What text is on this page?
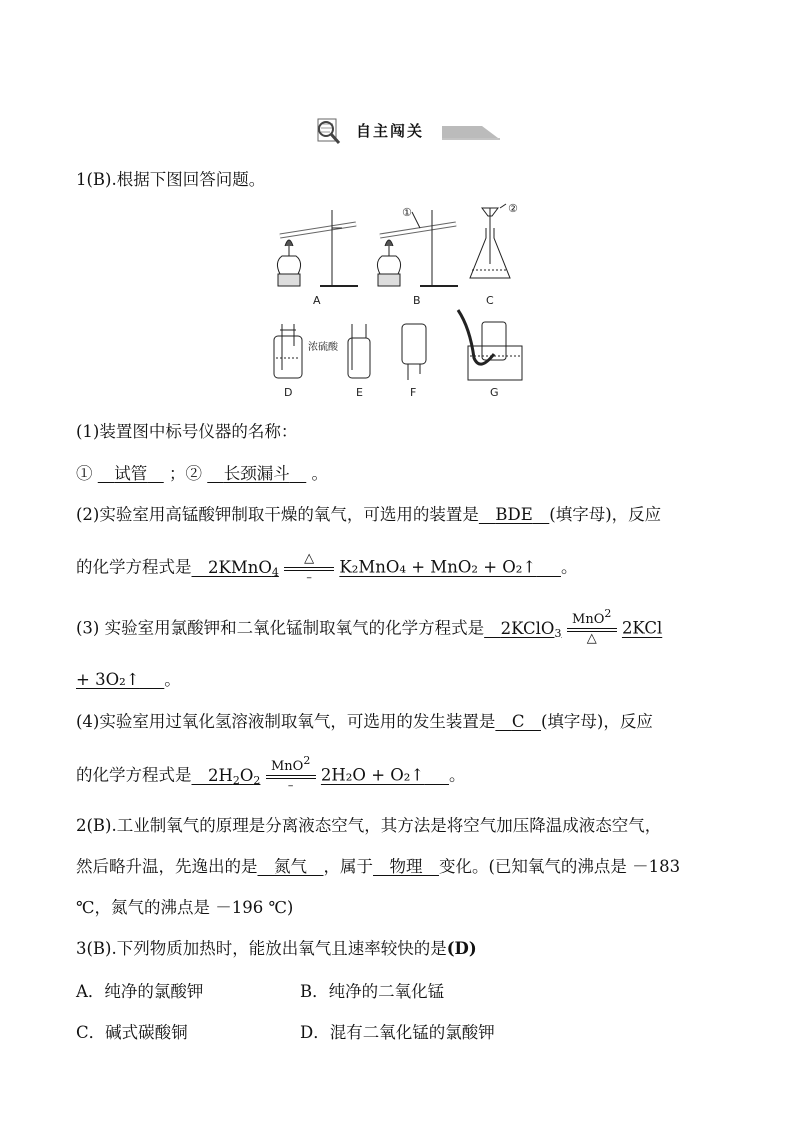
自主闯关
1(B).根据下图回答问题。
A
①
B
②
C
浓硫酸
D	E	F	G
(1)装置图中标号仪器的名称：
①   试管  ；②   长颈漏斗  。
(2)实验室用高锰酸钾制取干燥的氧气，可选用的装置是   BDE   (填字母)，反应
的化学方程式是   2KMnO$_4$
△
–
K₂MnO₄ + MnO₂ + O₂↑    。
(3) 实验室用氯酸钾和二氧化锰制取氧气的化学方程式是   2KClO$_3$
MnO$^2$
△
2KCl
+ 3O₂↑    。
(4)实验室用过氧化氢溶液制取氧气，可选用的发生装置是   C   (填字母)，反应
的化学方程式是   $2H_2O_2$
MnO$^2$
–
2H₂O + O₂↑    。
2(B).工业制氧气的原理是分离液态空气，其方法是将空气加压降温成液态空气，
然后略升温，先逸出的是   氮气   ，属于   物理   变化。(已知氧气的沸点是 －183
℃，氮气的沸点是 －196 ℃)
3(B).下列物质加热时，能放出氧气且速率较快的是(D)
A．纯净的氯酸钾	B．纯净的二氧化锰
C．碱式碳酸铜	D．混有二氧化锰的氯酸钾
